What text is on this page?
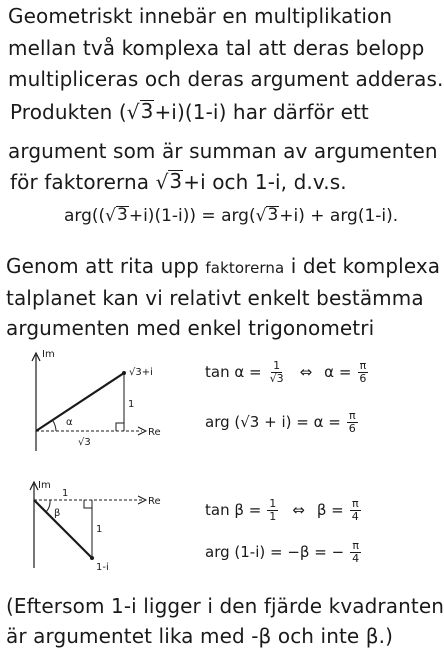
Geometriskt innebär en multiplikation
mellan två komplexa tal att deras belopp
multipliceras och deras argument adderas.
Produkten ( √ 3 +i)(1-i) har därför ett
argument som är summan av argumenten
för faktorerna √ 3 +i och 1-i, d.v.s.
arg(( √ 3 +i)(1-i)) = arg( √ 3 +i) + arg(1-i).
Genom att rita upp faktorerna i det komplexa
talplanet kan vi relativt enkelt bestämma
argumenten med enkel trigonometri
Im
Re
√3+i
1
√3
α
Im
Re
1-i
1
1
β
$\tan \alpha = \frac{1}{√3}$ ⇔ $\alpha = \frac{\pi}{6}$
arg $(√3 + i) = \alpha = \frac{\pi}{6}$
$\tan \beta = \frac{1}{1}$ ⇔ $\beta = \frac{\pi}{4}$
arg (1-i) = −β = − $\frac{\pi}{4}$
(Eftersom 1-i ligger i den fjärde kvadranten
är argumentet lika med -β och inte β.)
